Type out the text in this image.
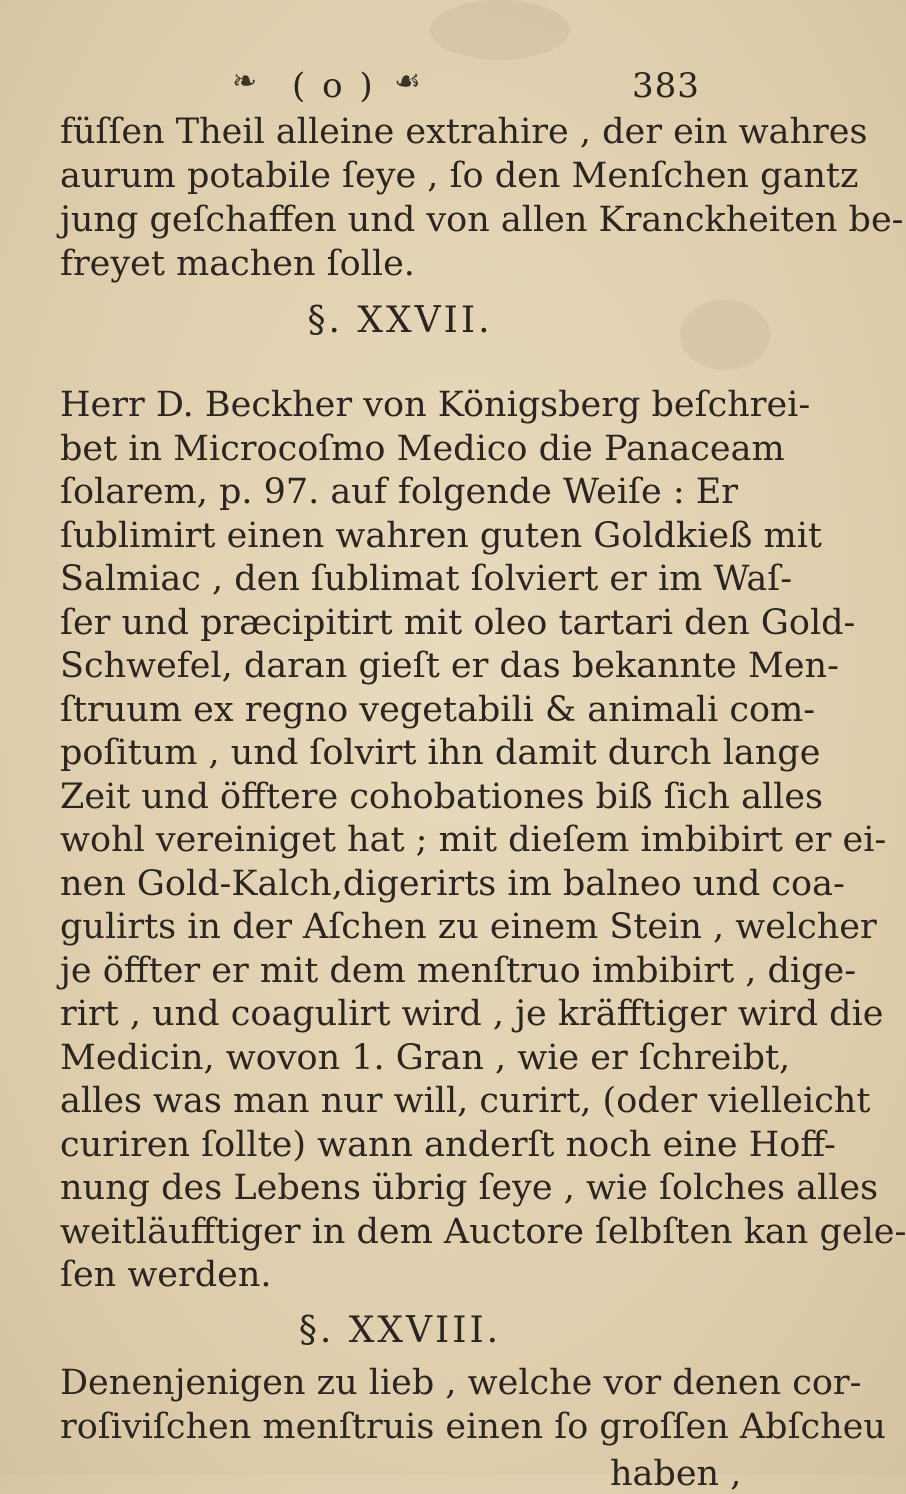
❧ ( o ) ☙	383
füſſen Theil alleine extrahire , der ein wahres
aurum potabile ſeye , ſo den Menſchen gantz
jung geſchaffen und von allen Kranckheiten be-
freyet machen ſolle.
§. XXVII.
Herr D. Beckher von Königsberg beſchrei-
bet in Microcoſmo Medico die Panaceam
ſolarem, p. 97. auf folgende Weiſe : Er
ſublimirt einen wahren guten Goldkieß mit
Salmiac , den ſublimat ſolviert er im Waſ-
ſer und præcipitirt mit oleo tartari den Gold-
Schwefel, daran gieſt er das bekannte Men-
ſtruum ex regno vegetabili & animali com-
poſitum , und ſolvirt ihn damit durch lange
Zeit und öfftere cohobationes biß ſich alles
wohl vereiniget hat ; mit dieſem imbibirt er ei-
nen Gold-Kalch,digerirts im balneo und coa-
gulirts in der Aſchen zu einem Stein , welcher
je öffter er mit dem menſtruo imbibirt , dige-
rirt , und coagulirt wird , je kräfftiger wird die
Medicin, wovon 1. Gran , wie er ſchreibt,
alles was man nur will, curirt, (oder vielleicht
curiren ſollte) wann anderſt noch eine Hoff-
nung des Lebens übrig ſeye , wie ſolches alles
weitläufftiger in dem Auctore ſelbſten kan gele-
ſen werden.
§. XXVIII.
Denenjenigen zu lieb , welche vor denen cor-
roſiviſchen menſtruis einen ſo groſſen Abſcheu
haben ,
